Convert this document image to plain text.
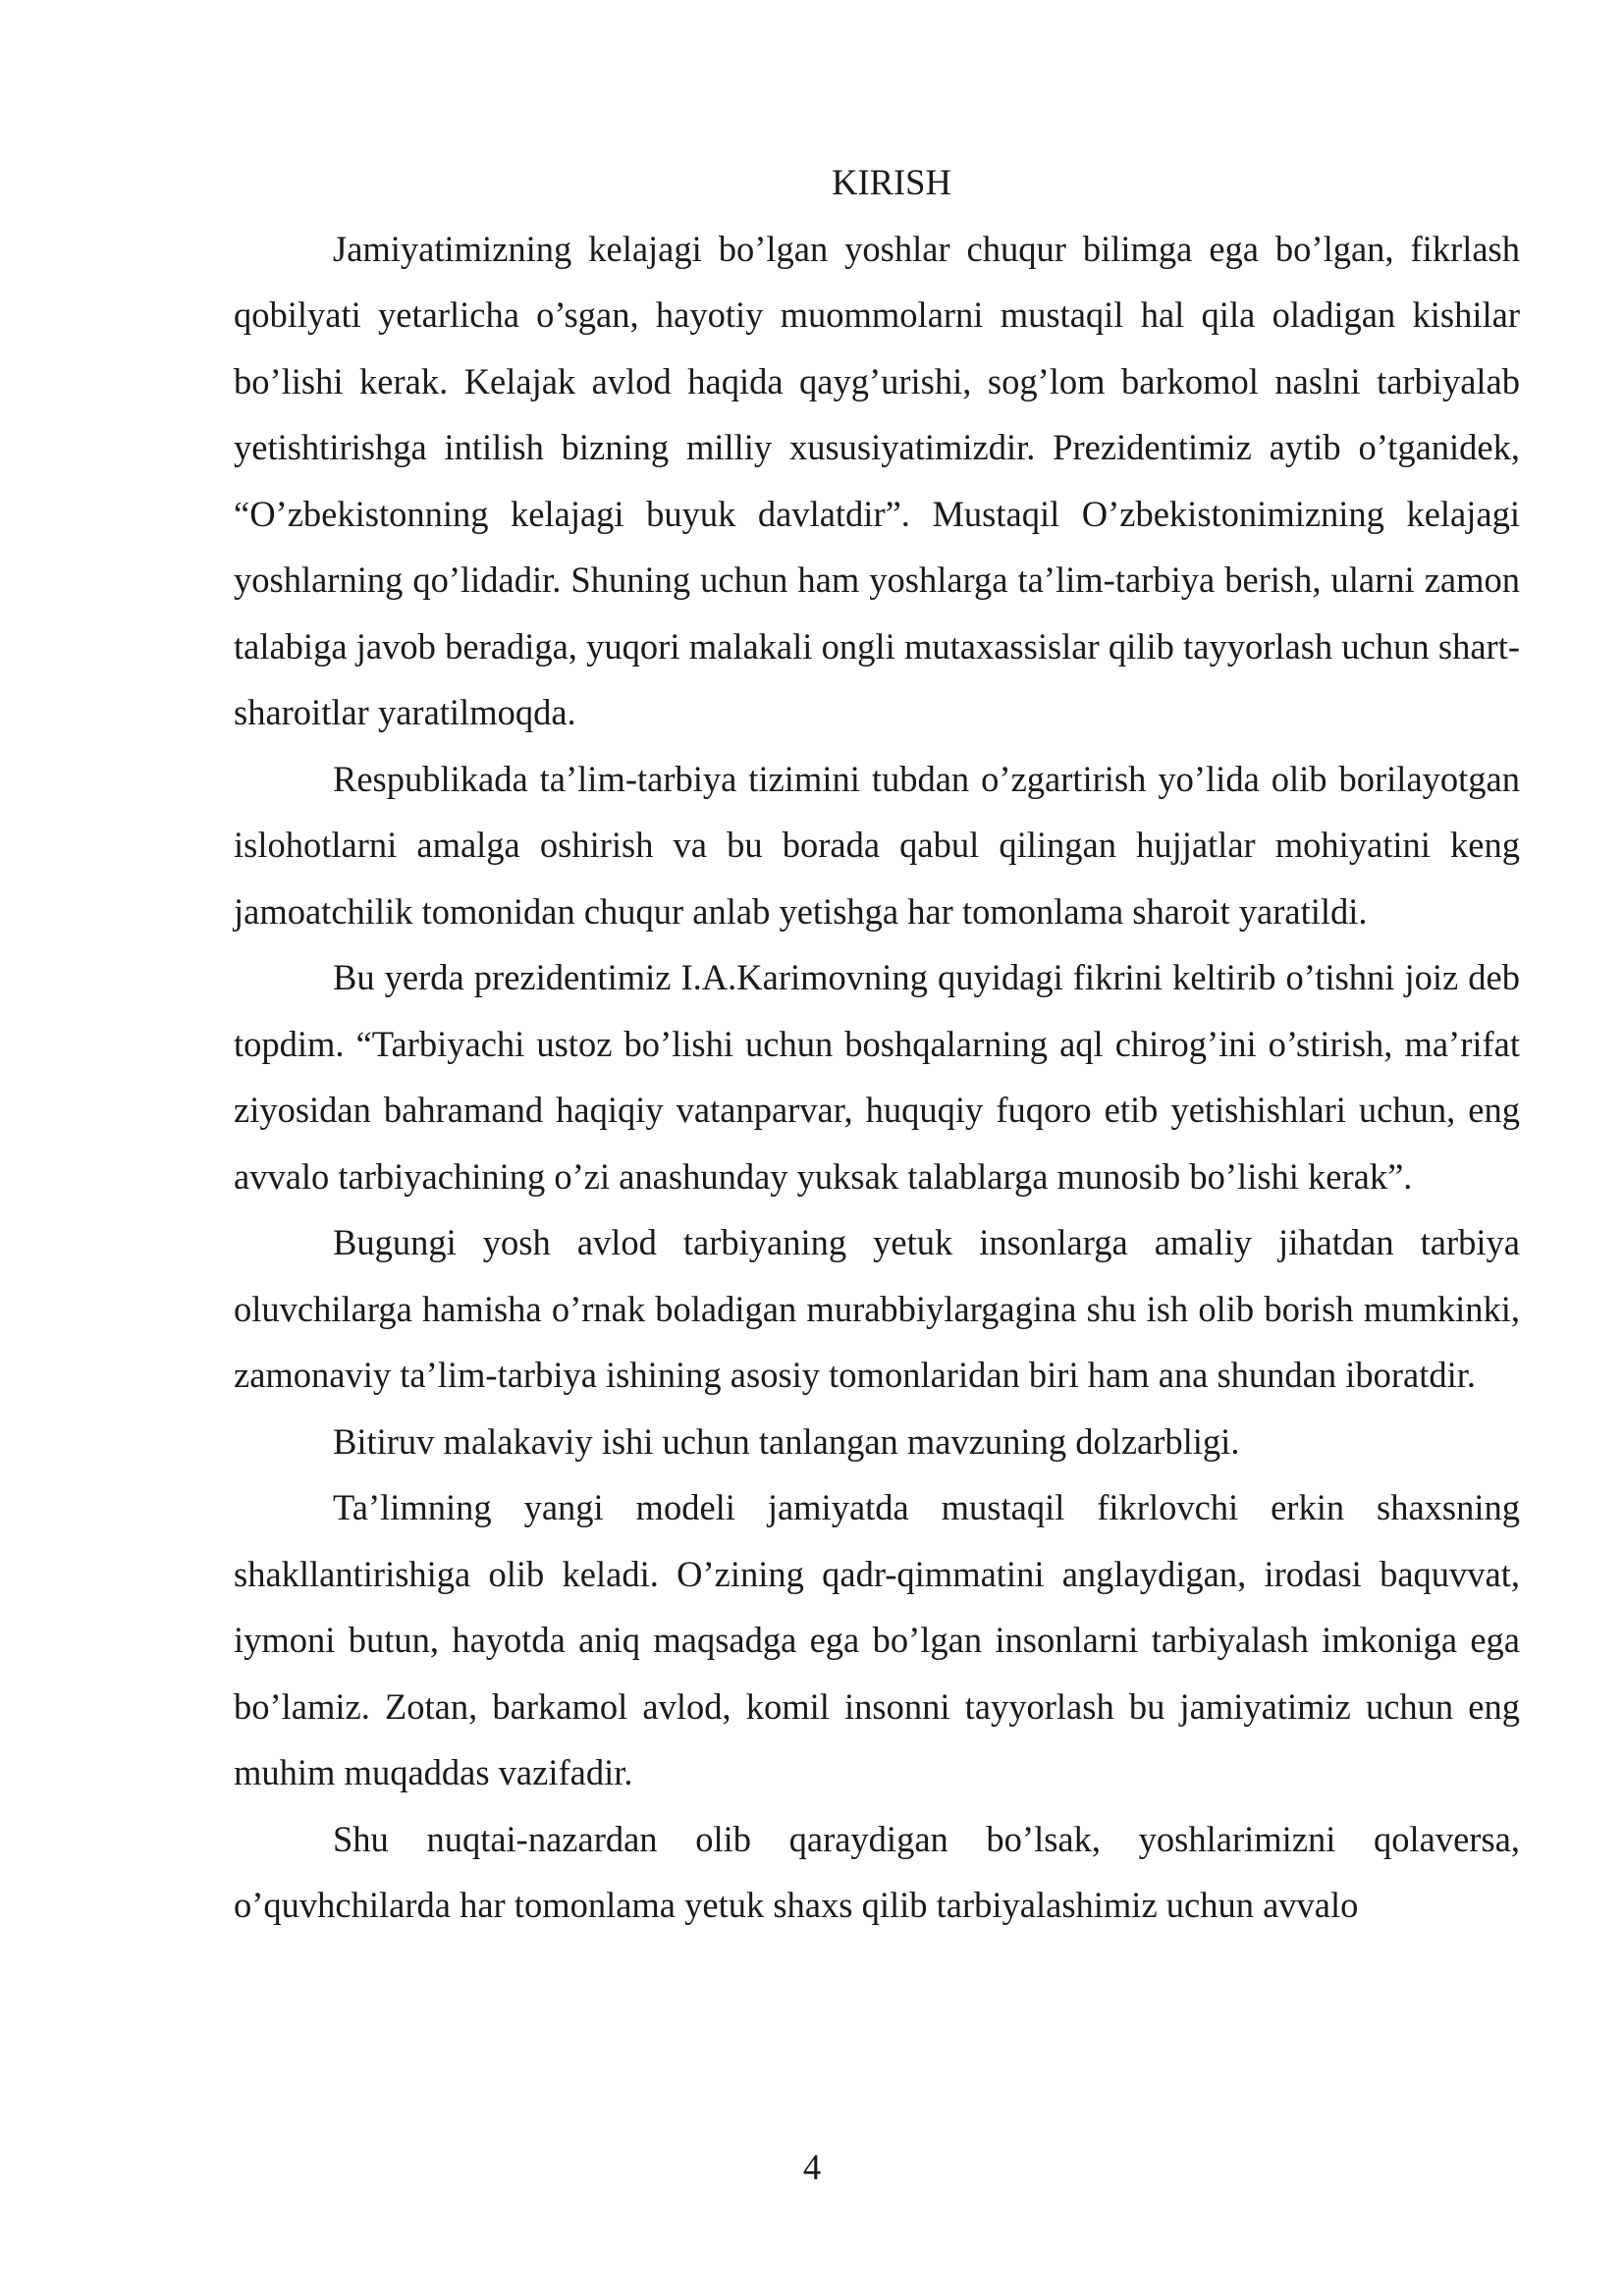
KIRISH

Jamiyatimizning kelajagi bo’lgan yoshlar chuqur bilimga ega bo’lgan, fikrlash qobilyati yetarlicha o’sgan, hayotiy muommolarni mustaqil hal qila oladigan kishilar bo’lishi kerak. Kelajak avlod haqida qayg’urishi, sog’lom barkomol naslni tarbiyalab yetishtirishga intilish bizning milliy xususiyatimizdir. Prezidentimiz aytib o’tganidek, “O’zbekistonning kelajagi buyuk davlatdir”. Mustaqil O’zbekistonimizning kelajagi yoshlarning qo’lidadir. Shuning uchun ham yoshlarga ta’lim-tarbiya berish, ularni zamon talabiga javob beradiga, yuqori malakali ongli mutaxassislar qilib tayyorlash uchun shart-sharoitlar yaratilmoqda.

Respublikada ta’lim-tarbiya tizimini tubdan o’zgartirish yo’lida olib borilayotgan islohotlarni amalga oshirish va bu borada qabul qilingan hujjatlar mohiyatini keng jamoatchilik tomonidan chuqur anlab yetishga har tomonlama sharoit yaratildi.

Bu yerda prezidentimiz I.A.Karimovning quyidagi fikrini keltirib o’tishni joiz deb topdim. “Tarbiyachi ustoz bo’lishi uchun boshqalarning aql chirog’ini o’stirish, ma’rifat ziyosidan bahramand haqiqiy vatanparvar, huquqiy fuqoro etib yetishishlari uchun, eng avvalo tarbiyachining o’zi anashunday yuksak talablarga munosib bo’lishi kerak”.

Bugungi yosh avlod tarbiyaning yetuk insonlarga amaliy jihatdan tarbiya oluvchilarga hamisha o’rnak boladigan murabbiylargagina shu ish olib borish mumkinki, zamonaviy ta’lim-tarbiya ishining asosiy tomonlaridan biri ham ana shundan iboratdir.

Bitiruv malakaviy ishi uchun tanlangan mavzuning dolzarbligi.

Ta’limning yangi modeli jamiyatda mustaqil fikrlovchi erkin shaxsning shakllantirishiga olib keladi. O’zining qadr-qimmatini anglaydigan, irodasi baquvvat, iymoni butun, hayotda aniq maqsadga ega bo’lgan insonlarni tarbiyalash imkoniga ega bo’lamiz. Zotan, barkamol avlod, komil insonni tayyorlash bu jamiyatimiz uchun eng muhim muqaddas vazifadir.

Shu nuqtai-nazardan olib qaraydigan bo’lsak, yoshlarimizni qolaversa, o’quvhchilarda har tomonlama yetuk shaxs qilib tarbiyalashimiz uchun avvalo

4
